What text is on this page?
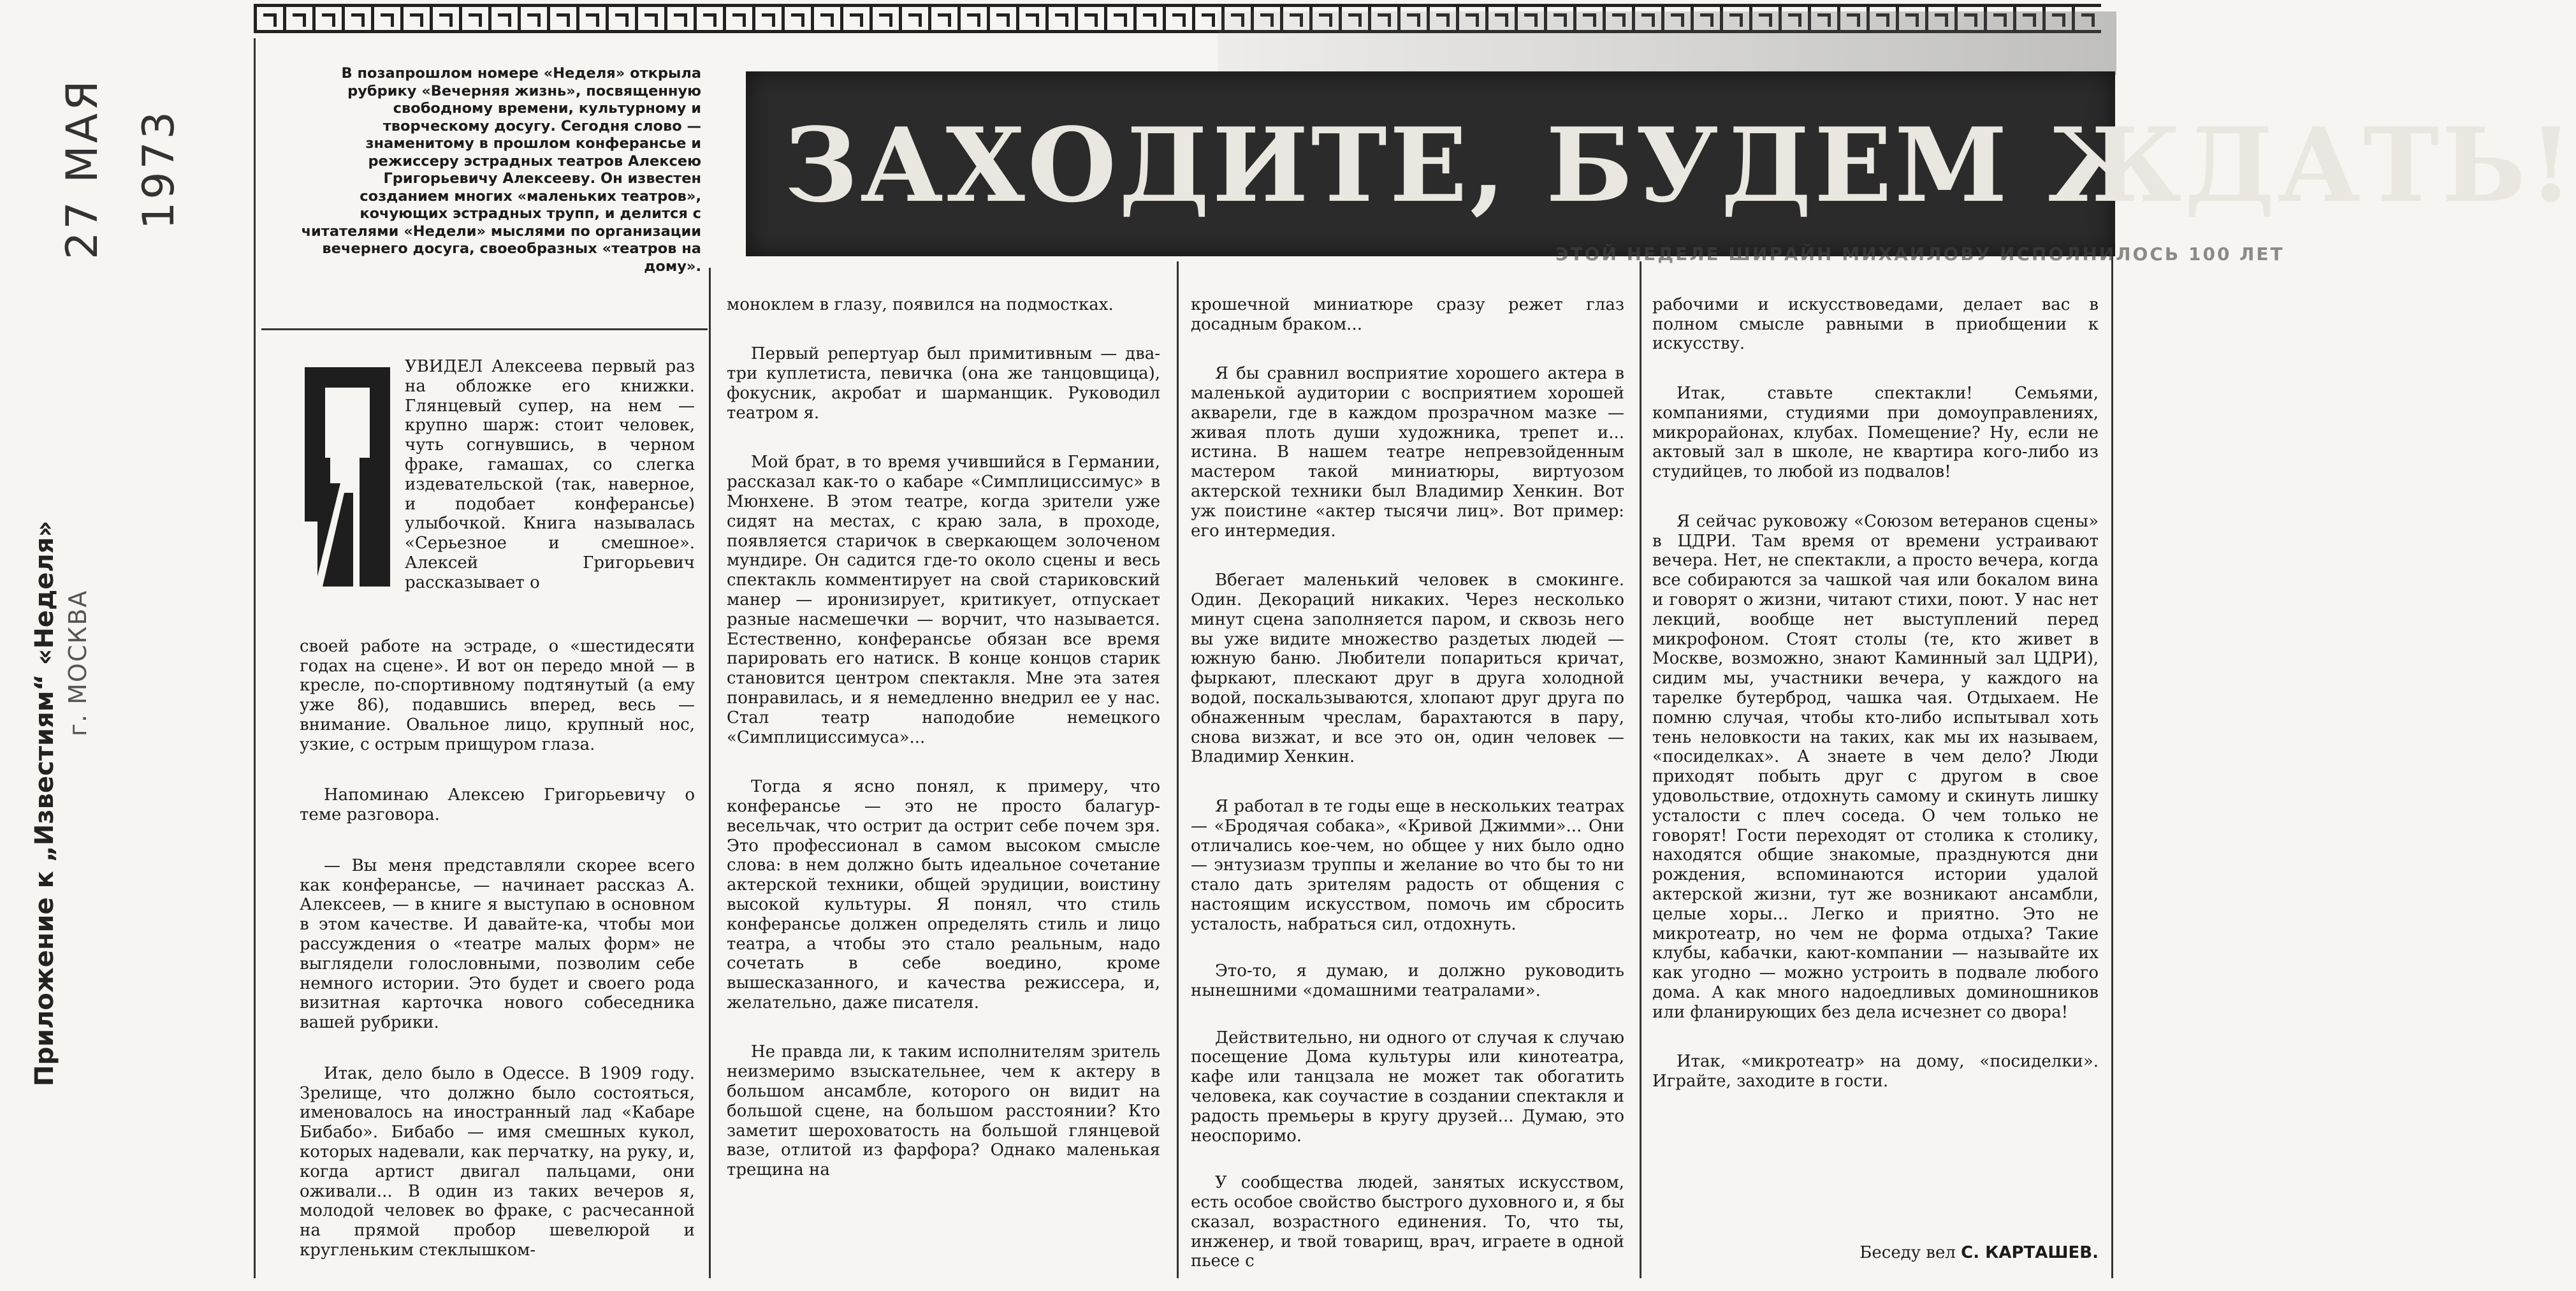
27 МАЯ 1973
Приложение к „Известиям“ «Неделя» г. МОСКВА

В позапрошлом номере «Неделя» открыла рубрику «Вечерняя жизнь», посвященную свободному времени, культурному и творческому досугу. Сегодня слово — знаменитому в прошлом конферансье и режиссеру эстрадных театров Алексею Григорьевичу Алексееву. Он известен созданием многих «маленьких театров», кочующих эстрадных трупп, и делится с читателями «Недели» мыслями по организации вечернего досуга, своеобразных «театров на дому».

ЗАХОДИТЕ, БУДЕМ ЖДАТЬ!
ЭТОЙ НЕДЕЛЕ ШИРАЙН МИХАИЛОВУ ИСПОЛНИЛОСЬ 100 ЛЕТ

УВИДЕЛ Алексеева первый раз на обложке его книжки. Глянцевый супер, на нем — крупно шарж: стоит человек, чуть согнувшись, в черном фраке, гамашах, со слегка издевательской (так, наверное, и подобает конферансье) улыбочкой. Книга называлась «Серьезное и смешное». Алексей Григорьевич рассказывает о

своей работе на эстраде, о «шестидесяти годах на сцене». И вот он передо мной — в кресле, по-спортивному подтянутый (а ему уже 86), подавшись вперед, весь — внимание. Овальное лицо, крупный нос, узкие, с острым прищуром глаза.

Напоминаю Алексею Григорьевичу о теме разговора.

— Вы меня представляли скорее всего как конферансье, — начинает рассказ А. Алексеев, — в книге я выступаю в основном в этом качестве. И давайте-ка, чтобы мои рассуждения о «театре малых форм» не выглядели голословными, позволим себе немного истории. Это будет и своего рода визитная карточка нового собеседника вашей рубрики.

Итак, дело было в Одессе. В 1909 году. Зрелище, что должно было состояться, именовалось на иностранный лад «Кабаре Бибабо». Бибабо — имя смешных кукол, которых надевали, как перчатку, на руку, и, когда артист двигал пальцами, они оживали... В один из таких вечеров я, молодой человек во фраке, с расчесанной на прямой пробор шевелюрой и кругленьким стеклышком-

моноклем в глазу, появился на подмостках.

Первый репертуар был примитивным — два-три куплетиста, певичка (она же танцовщица), фокусник, акробат и шарманщик. Руководил театром я.

Мой брат, в то время учившийся в Германии, рассказал как-то о кабаре «Симплициссимус» в Мюнхене. В этом театре, когда зрители уже сидят на местах, с краю зала, в проходе, появляется старичок в сверкающем золоченом мундире. Он садится где-то около сцены и весь спектакль комментирует на свой стариковский манер — иронизирует, критикует, отпускает разные насмешечки — ворчит, что называется. Естественно, конферансье обязан все время парировать его натиск. В конце концов старик становится центром спектакля. Мне эта затея понравилась, и я немедленно внедрил ее у нас. Стал театр наподобие немецкого «Симплициссимуса»...

Тогда я ясно понял, к примеру, что конферансье — это не просто балагур-весельчак, что острит да острит себе почем зря. Это профессионал в самом высоком смысле слова: в нем должно быть идеальное сочетание актерской техники, общей эрудиции, воистину высокой культуры. Я понял, что стиль конферансье должен определять стиль и лицо театра, а чтобы это стало реальным, надо сочетать в себе воедино, кроме вышесказанного, и качества режиссера, и, желательно, даже писателя.

Не правда ли, к таким исполнителям зритель неизмеримо взыскательнее, чем к актеру в большом ансамбле, которого он видит на большой сцене, на большом расстоянии? Кто заметит шероховатость на большой глянцевой вазе, отлитой из фарфора? Однако маленькая трещина на

крошечной миниатюре сразу режет глаз досадным браком...

Я бы сравнил восприятие хорошего актера в маленькой аудитории с восприятием хорошей акварели, где в каждом прозрачном мазке — живая плоть души художника, трепет и... истина. В нашем театре непревзойденным мастером такой миниатюры, виртуозом актерской техники был Владимир Хенкин. Вот уж поистине «актер тысячи лиц». Вот пример: его интермедия.

Вбегает маленький человек в смокинге. Один. Декораций никаких. Через несколько минут сцена заполняется паром, и сквозь него вы уже видите множество раздетых людей — южную баню. Любители попариться кричат, фыркают, плескают друг в друга холодной водой, поскальзываются, хлопают друг друга по обнаженным чреслам, барахтаются в пару, снова визжат, и все это он, один человек — Владимир Хенкин.

Я работал в те годы еще в нескольких театрах — «Бродячая собака», «Кривой Джимми»... Они отличались кое-чем, но общее у них было одно — энтузиазм труппы и желание во что бы то ни стало дать зрителям радость от общения с настоящим искусством, помочь им сбросить усталость, набраться сил, отдохнуть.

Это-то, я думаю, и должно руководить нынешними «домашними театралами».

Действительно, ни одного от случая к случаю посещение Дома культуры или кинотеатра, кафе или танцзала не может так обогатить человека, как соучастие в создании спектакля и радость премьеры в кругу друзей... Думаю, это неоспоримо.

У сообщества людей, занятых искусством, есть особое свойство быстрого духовного и, я бы сказал, возрастного единения. То, что ты, инженер, и твой товарищ, врач, играете в одной пьесе с

рабочими и искусствоведами, делает вас в полном смысле равными в приобщении к искусству.

Итак, ставьте спектакли! Семьями, компаниями, студиями при домоуправлениях, микрорайонах, клубах. Помещение? Ну, если не актовый зал в школе, не квартира кого-либо из студийцев, то любой из подвалов!

Я сейчас руковожу «Союзом ветеранов сцены» в ЦДРИ. Там время от времени устраивают вечера. Нет, не спектакли, а просто вечера, когда все собираются за чашкой чая или бокалом вина и говорят о жизни, читают стихи, поют. У нас нет лекций, вообще нет выступлений перед микрофоном. Стоят столы (те, кто живет в Москве, возможно, знают Каминный зал ЦДРИ), сидим мы, участники вечера, у каждого на тарелке бутерброд, чашка чая. Отдыхаем. Не помню случая, чтобы кто-либо испытывал хоть тень неловкости на таких, как мы их называем, «посиделках». А знаете в чем дело? Люди приходят побыть друг с другом в свое удовольствие, отдохнуть самому и скинуть лишку усталости с плеч соседа. О чем только не говорят! Гости переходят от столика к столику, находятся общие знакомые, празднуются дни рождения, вспоминаются истории удалой актерской жизни, тут же возникают ансамбли, целые хоры... Легко и приятно. Это не микротеатр, но чем не форма отдыха? Такие клубы, кабачки, кают-компании — называйте их как угодно — можно устроить в подвале любого дома. А как много надоедливых доминошников или фланирующих без дела исчезнет со двора!

Итак, «микротеатр» на дому, «посиделки». Играйте, заходите в гости.

Беседу вел С. КАРТАШЕВ.
